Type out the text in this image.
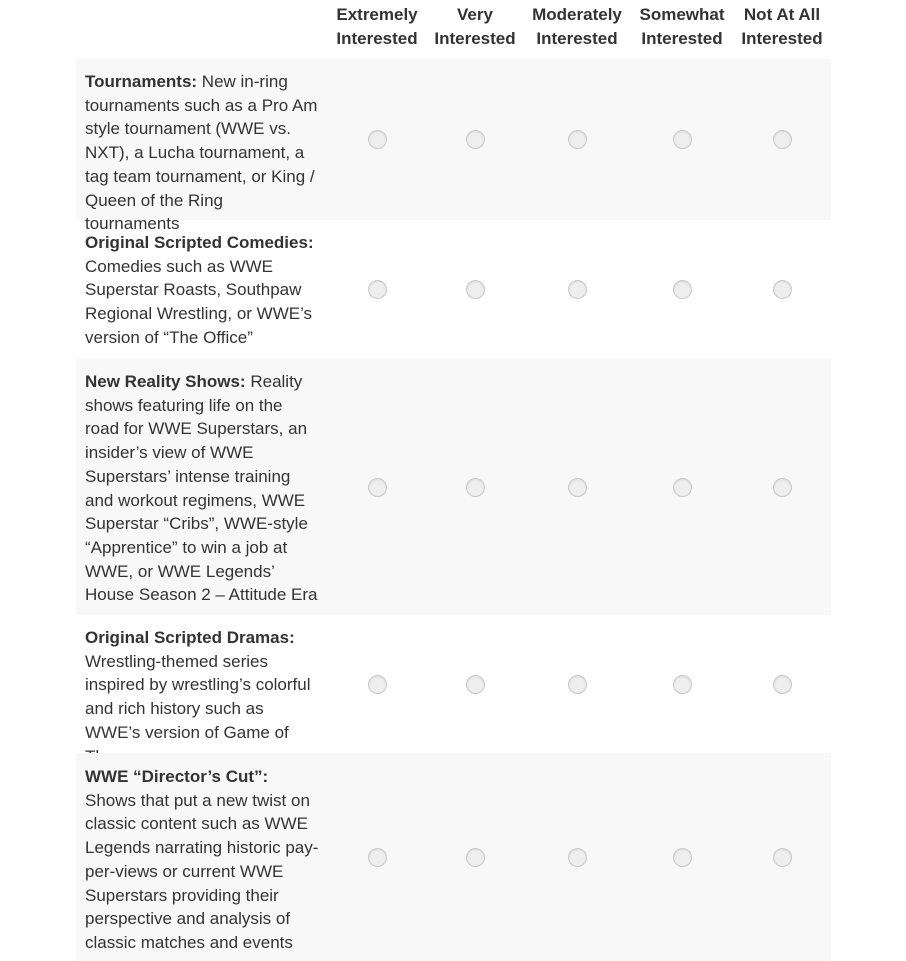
Extremely
Interested
Very
Interested
Moderately
Interested
Somewhat
Interested
Not At All
Interested
Tournaments: New in-ring tournaments such as a Pro Am style tournament (WWE vs. NXT), a Lucha tournament, a tag team tournament, or King / Queen of the Ring tournaments
Original Scripted Comedies: Comedies such as WWE Superstar Roasts, Southpaw Regional Wrestling, or WWE’s version of “The Office”
New Reality Shows: Reality shows featuring life on the road for WWE Superstars, an insider’s view of WWE Superstars’ intense training and workout regimens, WWE Superstar “Cribs”, WWE-style “Apprentice” to win a job at WWE, or WWE Legends’ House Season 2 – Attitude Era
Original Scripted Dramas: Wrestling-themed series inspired by wrestling’s colorful and rich history such as WWE’s version of Game of
WWE “Director’s Cut”: Shows that put a new twist on classic content such as WWE Legends narrating historic pay-per-views or current WWE Superstars providing their perspective and analysis of classic matches and events
